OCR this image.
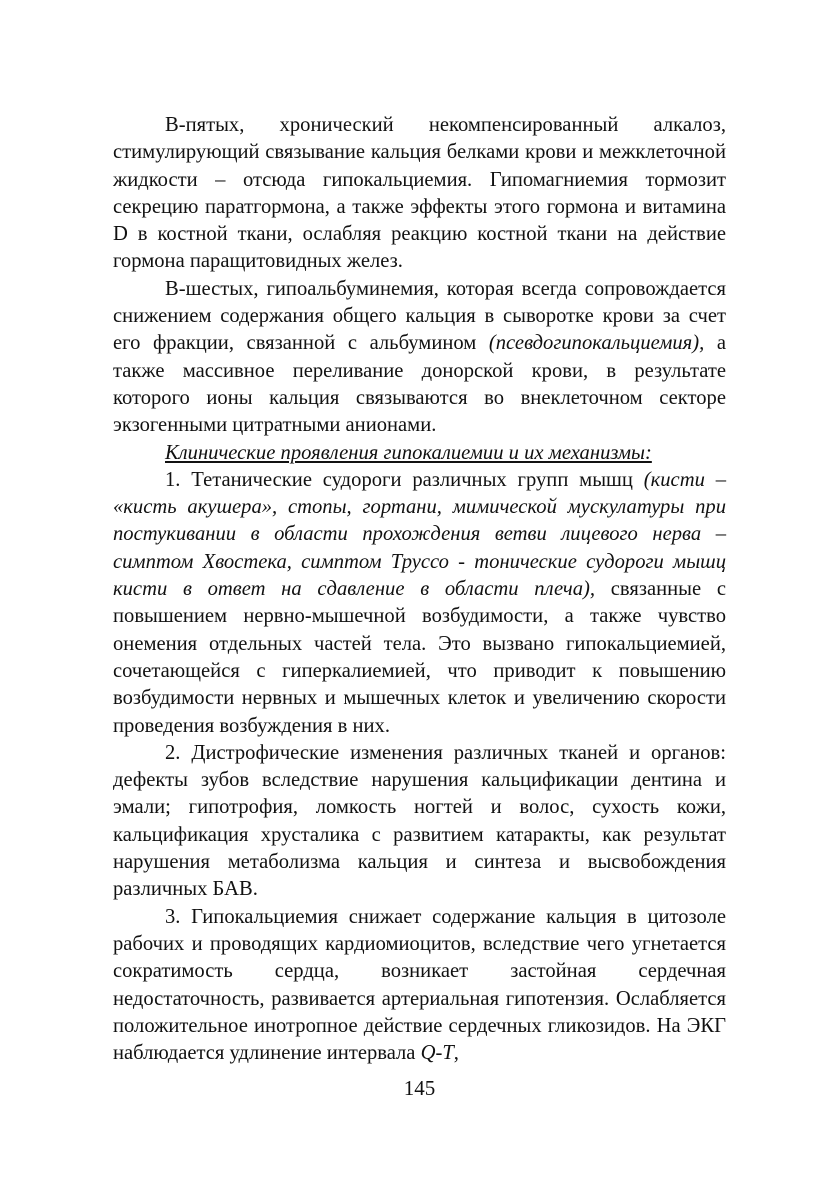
В-пятых, хронический некомпенсированный алкалоз, стимулирующий связывание кальция белками крови и межклеточной жидкости – отсюда гипокальциемия. Гипомагниемия тормозит секрецию паратгормона, а также эффекты этого гормона и витамина D в костной ткани, ослабляя реакцию костной ткани на действие гормона паращитовидных желез.

В-шестых, гипоальбуминемия, которая всегда сопровождается снижением содержания общего кальция в сыворотке крови за счет его фракции, связанной с альбумином (псевдогипокальциемия), а также массивное переливание донорской крови, в результате которого ионы кальция связываются во внеклеточном секторе экзогенными цитратными анионами.

Клинические проявления гипокалиемии и их механизмы:

1. Тетанические судороги различных групп мышц (кисти – «кисть акушера», стопы, гортани, мимической мускулатуры при постукивании в области прохождения ветви лицевого нерва – симптом Хвостека, симптом Труссо - тонические судороги мышц кисти в ответ на сдавление в области плеча), связанные с повышением нервно-мышечной возбудимости, а также чувство онемения отдельных частей тела. Это вызвано гипокальциемией, сочетающейся с гиперкалиемией, что приводит к повышению возбудимости нервных и мышечных клеток и увеличению скорости проведения возбуждения в них.

2. Дистрофические изменения различных тканей и органов: дефекты зубов вследствие нарушения кальцификации дентина и эмали; гипотрофия, ломкость ногтей и волос, сухость кожи, кальцификация хрусталика с развитием катаракты, как результат нарушения метаболизма кальция и синтеза и высвобождения различных БАВ.

3. Гипокальциемия снижает содержание кальция в цитозоле рабочих и проводящих кардиомиоцитов, вследствие чего угнетается сократимость сердца, возникает застойная сердечная недостаточность, развивается артериальная гипотензия. Ослабляется положительное инотропное действие сердечных гликозидов. На ЭКГ наблюдается удлинение интервала Q-T,

145
